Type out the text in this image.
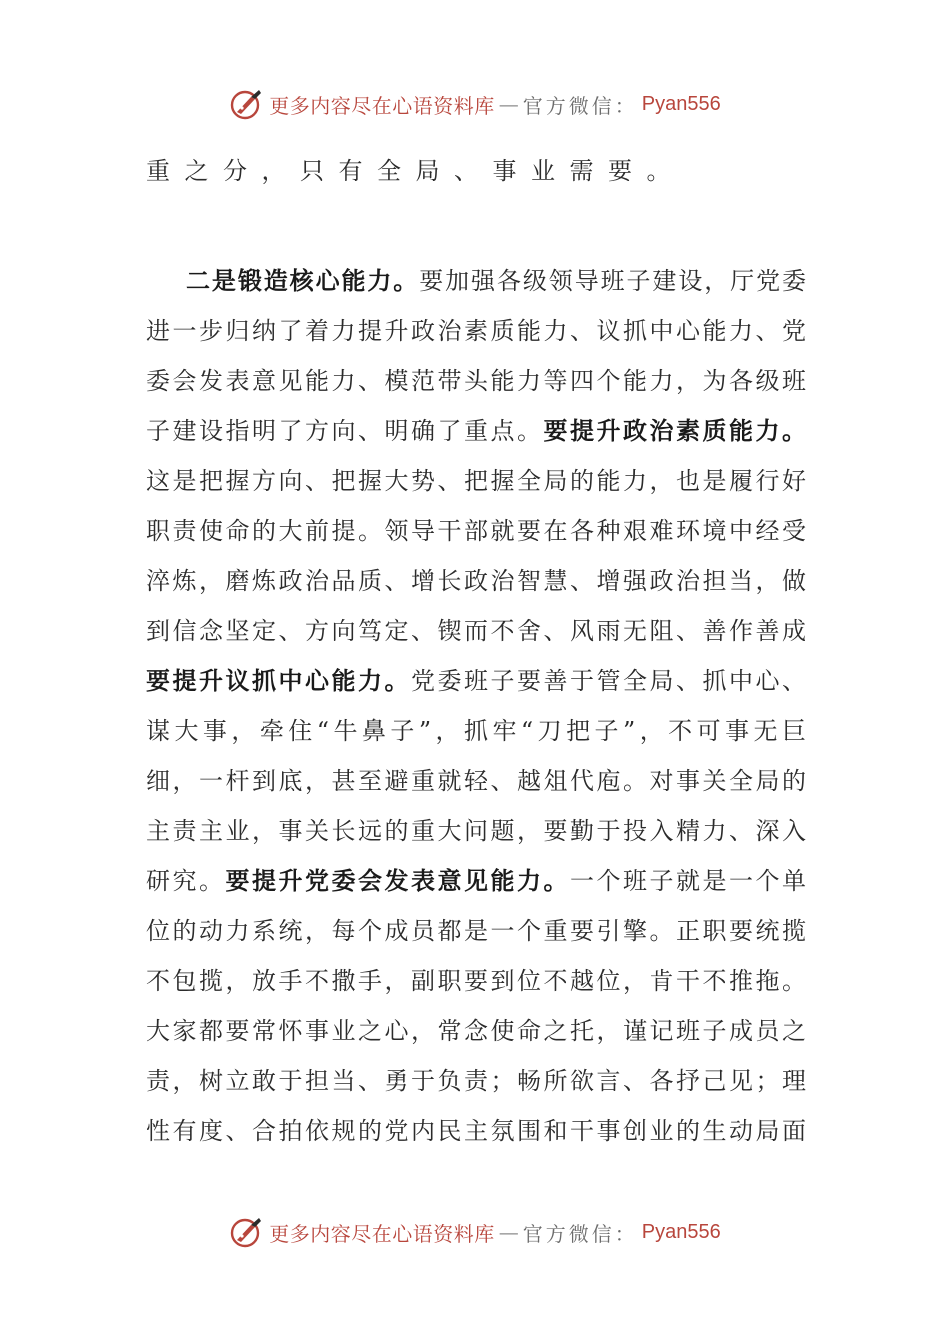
更多内容尽在心语资料库 — 官方微信： Pyan556
重之分，只有全局、事业需要。
二是锻造核心能力。要加强各级领导班子建设，厅党委
进一步归纳了着力提升政治素质能力、议抓中心能力、党
委会发表意见能力、模范带头能力等四个能力，为各级班
子建设指明了方向、明确了重点。要提升政治素质能力。
这是把握方向、把握大势、把握全局的能力，也是履行好
职责使命的大前提。领导干部就要在各种艰难环境中经受
淬炼，磨炼政治品质、增长政治智慧、增强政治担当，做
到信念坚定、方向笃定、锲而不舍、风雨无阻、善作善成
要提升议抓中心能力。党委班子要善于管全局、抓中心、
谋大事，牵住“牛鼻子”，抓牢“刀把子”，不可事无巨
细，一杆到底，甚至避重就轻、越俎代庖。对事关全局的
主责主业，事关长远的重大问题，要勤于投入精力、深入
研究。要提升党委会发表意见能力。一个班子就是一个单
位的动力系统，每个成员都是一个重要引擎。正职要统揽
不包揽，放手不撒手，副职要到位不越位，肯干不推拖。
大家都要常怀事业之心，常念使命之托，谨记班子成员之
责，树立敢于担当、勇于负责；畅所欲言、各抒己见；理
性有度、合拍依规的党内民主氛围和干事创业的生动局面
更多内容尽在心语资料库 — 官方微信： Pyan556
